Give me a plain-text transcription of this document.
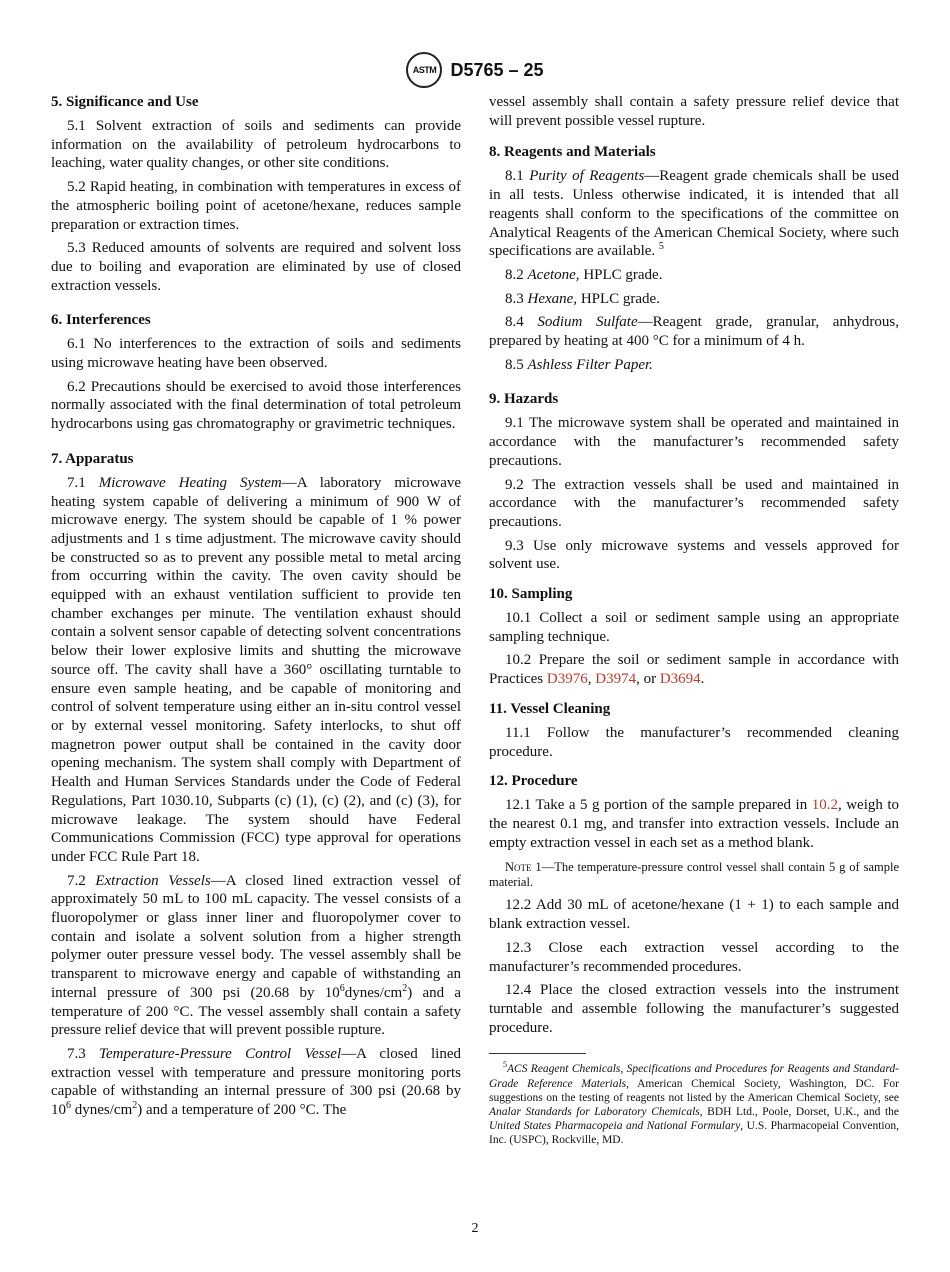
ASTM D5765 – 25
5. Significance and Use

5.1 Solvent extraction of soils and sediments can provide information on the availability of petroleum hydrocarbons to leaching, water quality changes, or other site conditions.

5.2 Rapid heating, in combination with temperatures in excess of the atmospheric boiling point of acetone/hexane, reduces sample preparation or extraction times.

5.3 Reduced amounts of solvents are required and solvent loss due to boiling and evaporation are eliminated by use of closed extraction vessels.

6. Interferences

6.1 No interferences to the extraction of soils and sediments using microwave heating have been observed.

6.2 Precautions should be exercised to avoid those interferences normally associated with the final determination of total petroleum hydrocarbons using gas chromatography or gravimetric techniques.

7. Apparatus

7.1 Microwave Heating System—A laboratory microwave heating system capable of delivering a minimum of 900 W of microwave energy. The system should be capable of 1 % power adjustments and 1 s time adjustment. The microwave cavity should be constructed so as to prevent any possible metal to metal arcing from occurring within the cavity. The oven cavity should be equipped with an exhaust ventilation sufficient to provide ten chamber exchanges per minute. The ventilation exhaust should contain a solvent sensor capable of detecting solvent concentrations below their lower explosive limits and shutting the microwave source off. The cavity shall have a 360° oscillating turntable to ensure even sample heating, and be capable of monitoring and control of solvent temperature using either an in-situ control vessel or by external vessel monitoring. Safety interlocks, to shut off magnetron power output shall be contained in the cavity door opening mechanism. The system shall comply with Department of Health and Human Services Standards under the Code of Federal Regulations, Part 1030.10, Subparts (c) (1), (c) (2), and (c) (3), for microwave leakage. The system should have Federal Communications Commission (FCC) type approval for operations under FCC Rule Part 18.

7.2 Extraction Vessels—A closed lined extraction vessel of approximately 50 mL to 100 mL capacity. The vessel consists of a fluoropolymer or glass inner liner and fluoropolymer cover to contain and isolate a solvent solution from a higher strength polymer outer pressure vessel body. The vessel assembly shall be transparent to microwave energy and capable of withstanding an internal pressure of 300 psi (20.68 by $10^6dynes/cm^2$) and a temperature of 200 °C. The vessel assembly shall contain a safety pressure relief device that will prevent possible rupture.

7.3 Temperature-Pressure Control Vessel—A closed lined extraction vessel with temperature and pressure monitoring ports capable of withstanding an internal pressure of 300 psi (20.68 by $10^6$ dynes/$cm^2$) and a temperature of 200 °C. The

vessel assembly shall contain a safety pressure relief device that will prevent possible vessel rupture.

8. Reagents and Materials

8.1 Purity of Reagents—Reagent grade chemicals shall be used in all tests. Unless otherwise indicated, it is intended that all reagents shall conform to the specifications of the committee on Analytical Reagents of the American Chemical Society, where such specifications are available. $^5$

8.2 Acetone, HPLC grade.

8.3 Hexane, HPLC grade.

8.4 Sodium Sulfate—Reagent grade, granular, anhydrous, prepared by heating at 400 °C for a minimum of 4 h.

8.5 Ashless Filter Paper.

9. Hazards

9.1 The microwave system shall be operated and maintained in accordance with the manufacturer’s recommended safety precautions.

9.2 The extraction vessels shall be used and maintained in accordance with the manufacturer’s recommended safety precautions.

9.3 Use only microwave systems and vessels approved for solvent use.

10. Sampling

10.1 Collect a soil or sediment sample using an appropriate sampling technique.

10.2 Prepare the soil or sediment sample in accordance with Practices D3976, D3974, or D3694.

11. Vessel Cleaning

11.1 Follow the manufacturer’s recommended cleaning procedure.

12. Procedure

12.1 Take a 5 g portion of the sample prepared in 10.2, weigh to the nearest 0.1 mg, and transfer into extraction vessels. Include an empty extraction vessel in each set as a method blank.

Note 1—The temperature-pressure control vessel shall contain 5 g of sample material.

12.2 Add 30 mL of acetone/hexane (1 + 1) to each sample and blank extraction vessel.

12.3 Close each extraction vessel according to the manufacturer’s recommended procedures.

12.4 Place the closed extraction vessels into the instrument turntable and assemble following the manufacturer’s suggested procedure.

$^5$ACS Reagent Chemicals, Specifications and Procedures for Reagents and Standard-Grade Reference Materials, American Chemical Society, Washington, DC. For suggestions on the testing of reagents not listed by the American Chemical Society, see Analar Standards for Laboratory Chemicals, BDH Ltd., Poole, Dorset, U.K., and the United States Pharmacopeia and National Formulary, U.S. Pharmacopeial Convention, Inc. (USPC), Rockville, MD.

2
